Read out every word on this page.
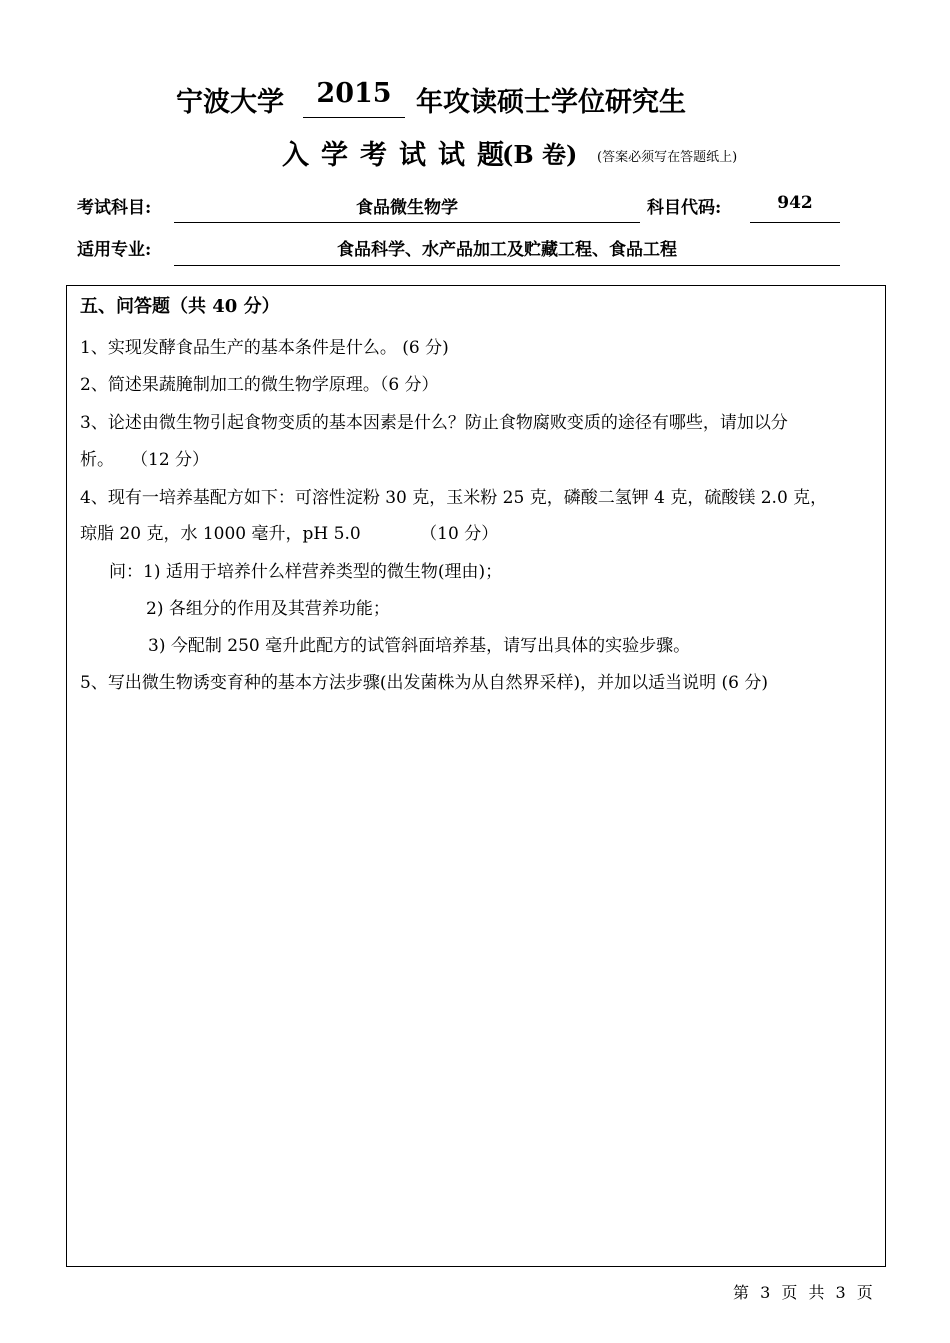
宁波大学	2015 年攻读硕士学位研究生
入学考试试题
(B 卷) (答案必须写在答题纸上)
考试科目:	食品微生物学	科目代码:	942
适用专业:	食品科学、水产品加工及贮藏工程、食品工程
五、问答题（共 40 分）
1、实现发酵食品生产的基本条件是什么。 (6 分)
2、简述果蔬腌制加工的微生物学原理。（6 分）
3、论述由微生物引起食物变质的基本因素是什么？防止食物腐败变质的途径有哪些，请加以分
析。　　（12 分）
4、现有一培养基配方如下：可溶性淀粉 30 克，玉米粉 25 克，磷酸二氢钾 4 克，硫酸镁 2.0 克，
琼脂 20 克，水 1000 毫升，pH 5.0　　　　（10 分）
问：1) 适用于培养什么样营养类型的微生物(理由)；
2) 各组分的作用及其营养功能；
3) 今配制 250 毫升此配方的试管斜面培养基，请写出具体的实验步骤。
5、写出微生物诱变育种的基本方法步骤(出发菌株为从自然界采样)，并加以适当说明 (6 分)
第 3 页 共 3 页
